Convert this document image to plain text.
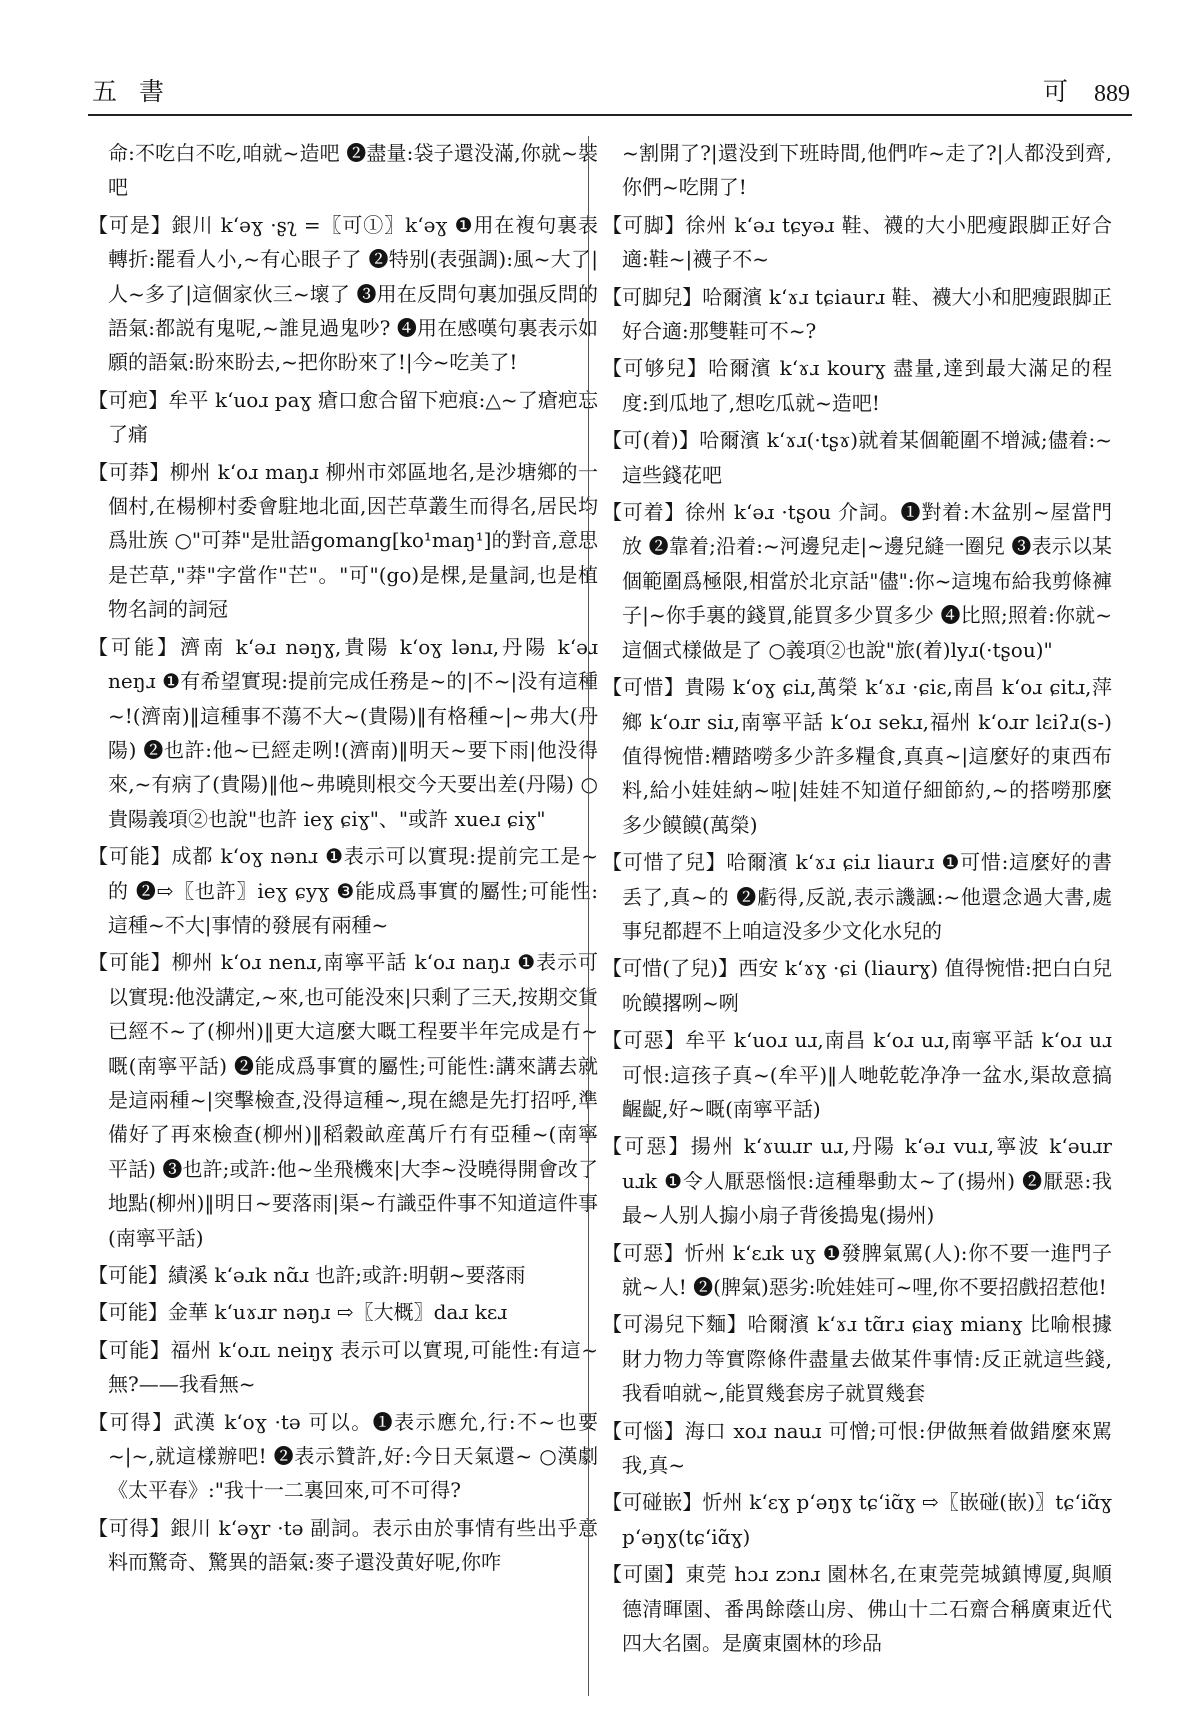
五書	可 889

命:不吃白不吃,咱就~造吧 ❷盡量:袋子還没滿,你就~裝吧

【可是】銀川 kʻəɣ ·ʂʅ =〖可①〗kʻəɣ ❶用在複句裏表轉折:罷看人小,~有心眼子了 ❷特别(表强調):風~大了|人~多了|這個家伙三~壞了 ❸用在反問句裏加强反問的語氣:都説有鬼呢,~誰見過鬼吵? ❹用在感嘆句裏表示如願的語氣:盼來盼去,~把你盼來了!|今~吃美了!

【可疤】牟平 kʻuoɹ paɣ 瘡口愈合留下疤痕:△~了瘡疤忘了痛

【可莽】柳州 kʻoɹ maŋɹ 柳州市郊區地名,是沙塘鄉的一個村,在楊柳村委會駐地北面,因芒草叢生而得名,居民均爲壯族 ○"可莽"是壯語gomang[ko¹maŋ¹]的對音,意思是芒草,"莽"字當作"芒"。"可"(go)是棵,是量詞,也是植物名詞的詞冠

【可能】濟南 kʻəɹ nəŋɣ,貴陽 kʻoɣ lənɹ,丹陽 kʻəɹ neŋɹ ❶有希望實現:提前完成任務是~的|不~|没有這種~!(濟南)‖這種事不蕩不大~(貴陽)‖有格種~|~弗大(丹陽) ❷也許:他~已經走咧!(濟南)‖明天~要下雨|他没得來,~有病了(貴陽)‖他~弗曉則根交今天要出差(丹陽) ○貴陽義項②也說"也許 ieɣ ɕiɣ"、"或許 xueɹ ɕiɣ"

【可能】成都 kʻoɣ nənɹ ❶表示可以實現:提前完工是~的 ❷⇨〖也許〗ieɣ ɕyɣ ❸能成爲事實的屬性;可能性:這種~不大|事情的發展有兩種~

【可能】柳州 kʻoɹ nenɹ,南寧平話 kʻoɹ naŋɹ ❶表示可以實現:他没講定,~來,也可能没來|只剩了三天,按期交貨已經不~了(柳州)‖更大這麼大嘅工程要半年完成是冇~嘅(南寧平話) ❷能成爲事實的屬性;可能性:講來講去就是這兩種~|突擊檢查,没得這種~,現在總是先打招呼,準備好了再來檢查(柳州)‖稻穀畝産萬斤冇有亞種~(南寧平話) ❸也許;或許:他~坐飛機來|大李~没曉得開會改了地點(柳州)‖明日~要落雨|渠~冇識亞件事不知道這件事(南寧平話)

【可能】績溪 kʻəɹk nɑ̃ɹ 也許;或許:明朝~要落雨

【可能】金華 kʻuɤɹr nəŋɹ ⇨〖大概〗daɹ kɛɹ

【可能】福州 kʻoɹʟ neiŋɣ 表示可以實現,可能性:有這~無?——我看無~

【可得】武漢 kʻoɣ ·tə 可以。❶表示應允,行:不~也要~|~,就這樣辦吧! ❷表示贊許,好:今日天氣還~ ○漢劇《太平春》:"我十一二裏回來,可不可得?

【可得】銀川 kʻəɣr ·tə 副詞。表示由於事情有些出乎意料而驚奇、驚異的語氣:麥子還没黄好呢,你咋

~割開了?|還没到下班時間,他們咋~走了?|人都没到齊,你們~吃開了!

【可脚】徐州 kʻəɹ tɕyəɹ 鞋、襪的大小肥瘦跟脚正好合適:鞋~|襪子不~

【可脚兒】哈爾濱 kʻɤɹ tɕiaurɹ 鞋、襪大小和肥瘦跟脚正好合適:那雙鞋可不~?

【可够兒】哈爾濱 kʻɤɹ kourɣ 盡量,達到最大滿足的程度:到瓜地了,想吃瓜就~造吧!

【可(着)】哈爾濱 kʻɤɹ(·tʂɤ)就着某個範圍不增減;儘着:~這些錢花吧

【可着】徐州 kʻəɹ ·tʂou 介詞。❶對着:木盆别~屋當門放 ❷靠着;沿着:~河邊兒走|~邊兒縫一圈兒 ❸表示以某個範圍爲極限,相當於北京話"儘":你~這塊布給我剪條褲子|~你手裏的錢買,能買多少買多少 ❹比照;照着:你就~這個式樣做是了 ○義項②也說"旅(着)lyɹ(·tʂou)"

【可惜】貴陽 kʻoɣ ɕiɹ,萬榮 kʻɤɹ ·ɕiɛ,南昌 kʻoɹ ɕitɹ,萍鄉 kʻoɹr siɹ,南寧平話 kʻoɹ sekɹ,福州 kʻoɹr lɛiʔɹ(s-) 值得惋惜:糟踏嘮多少許多糧食,真真~|這麼好的東西布料,給小娃娃納~啦|娃娃不知道仔細節約,~的搭嘮那麼多少饃饃(萬榮)

【可惜了兒】哈爾濱 kʻɤɹ ɕiɹ liaurɹ ❶可惜:這麼好的書丢了,真~的 ❷虧得,反説,表示譏諷:~他還念過大書,處事兒都趕不上咱這没多少文化水兒的

【可惜(了兒)】西安 kʻɤɣ ·ɕi (liaurɣ) 值得惋惜:把白白兒吮饃撂咧~咧

【可惡】牟平 kʻuoɹ uɹ,南昌 kʻoɹ uɹ,南寧平話 kʻoɹ uɹ 可恨:這孩子真~(牟平)‖人哋乾乾净净一盆水,渠故意搞齷齪,好~嘅(南寧平話)

【可惡】揚州 kʻɤɯɹr uɹ,丹陽 kʻəɹ vuɹ,寧波 kʻəuɹr uɹk ❶令人厭惡惱恨:這種舉動太~了(揚州) ❷厭惡:我最~人别人搧小扇子背後搗鬼(揚州)

【可惡】忻州 kʻɛɹk uɣ ❶發脾氣駡(人):你不要一進門子就~人! ❷(脾氣)惡劣:吮娃娃可~哩,你不要招戲招惹他!

【可湯兒下麵】哈爾濱 kʻɤɹ tɑ̃rɹ ɕiaɣ mianɣ 比喻根據財力物力等實際條件盡量去做某件事情:反正就這些錢,我看咱就~,能買幾套房子就買幾套

【可惱】海口 xoɹ nauɹ 可憎;可恨:伊做無着做錯麼來駡我,真~

【可碰嵌】忻州 kʻɛɣ pʻəŋɣ tɕʻiɑ̃ɣ ⇨〖嵌碰(嵌)〗tɕʻiɑ̃ɣ pʻəŋɣ(tɕʻiɑ̃ɣ)

【可園】東莞 hɔɹ zɔnɹ 園林名,在東莞莞城鎮博厦,與順德清暉園、番禺餘蔭山房、佛山十二石齋合稱廣東近代四大名園。是廣東園林的珍品
